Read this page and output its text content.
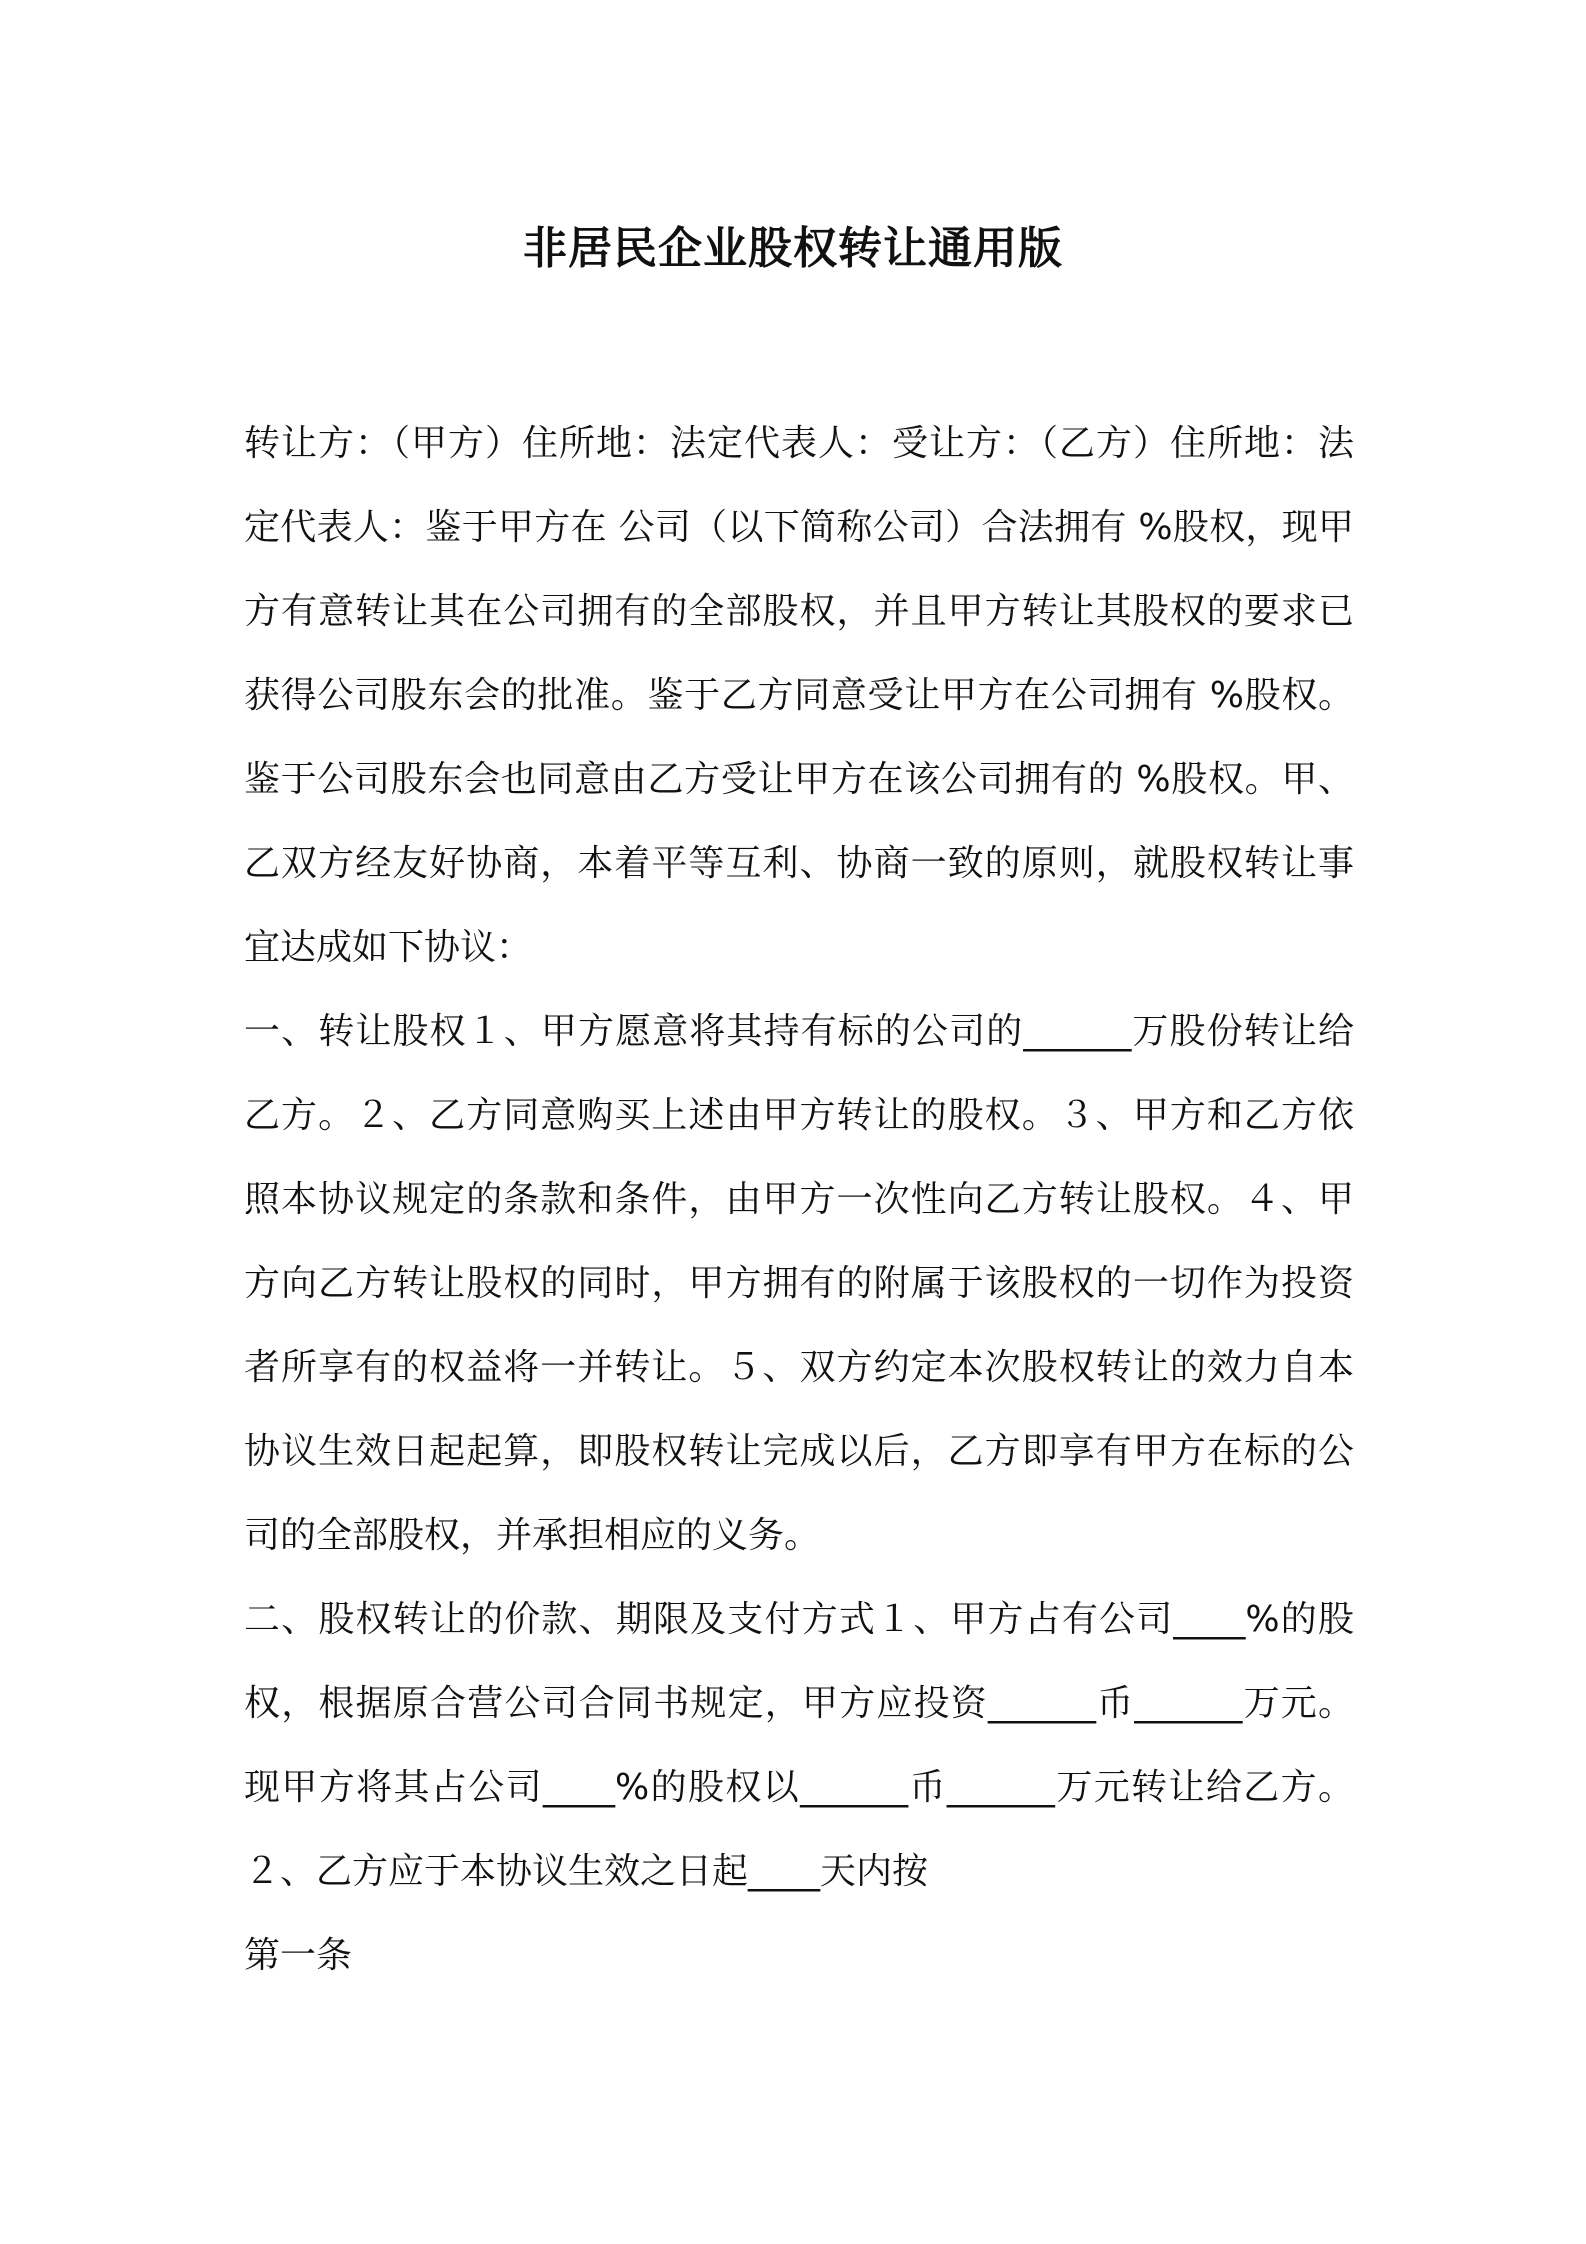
非居民企业股权转让通用版

转让方：（甲方）住所地：法定代表人：受让方：（乙方）住所地：法定代表人：鉴于甲方在 公司（以下简称公司）合法拥有 %股权，现甲方有意转让其在公司拥有的全部股权，并且甲方转让其股权的要求已获得公司股东会的批准。鉴于乙方同意受让甲方在公司拥有 %股权。鉴于公司股东会也同意由乙方受让甲方在该公司拥有的 %股权。甲、乙双方经友好协商，本着平等互利、协商一致的原则，就股权转让事宜达成如下协议：

一、转让股权１、甲方愿意将其持有标的公司的______万股份转让给乙方。２、乙方同意购买上述由甲方转让的股权。３、甲方和乙方依照本协议规定的条款和条件，由甲方一次性向乙方转让股权。４、甲方向乙方转让股权的同时，甲方拥有的附属于该股权的一切作为投资者所享有的权益将一并转让。５、双方约定本次股权转让的效力自本协议生效日起起算，即股权转让完成以后，乙方即享有甲方在标的公司的全部股权，并承担相应的义务。

二、股权转让的价款、期限及支付方式１、甲方占有公司____%的股权，根据原合营公司合同书规定，甲方应投资______币______万元。现甲方将其占公司____%的股权以______币______万元转让给乙方。２、乙方应于本协议生效之日起____天内按

第一条
